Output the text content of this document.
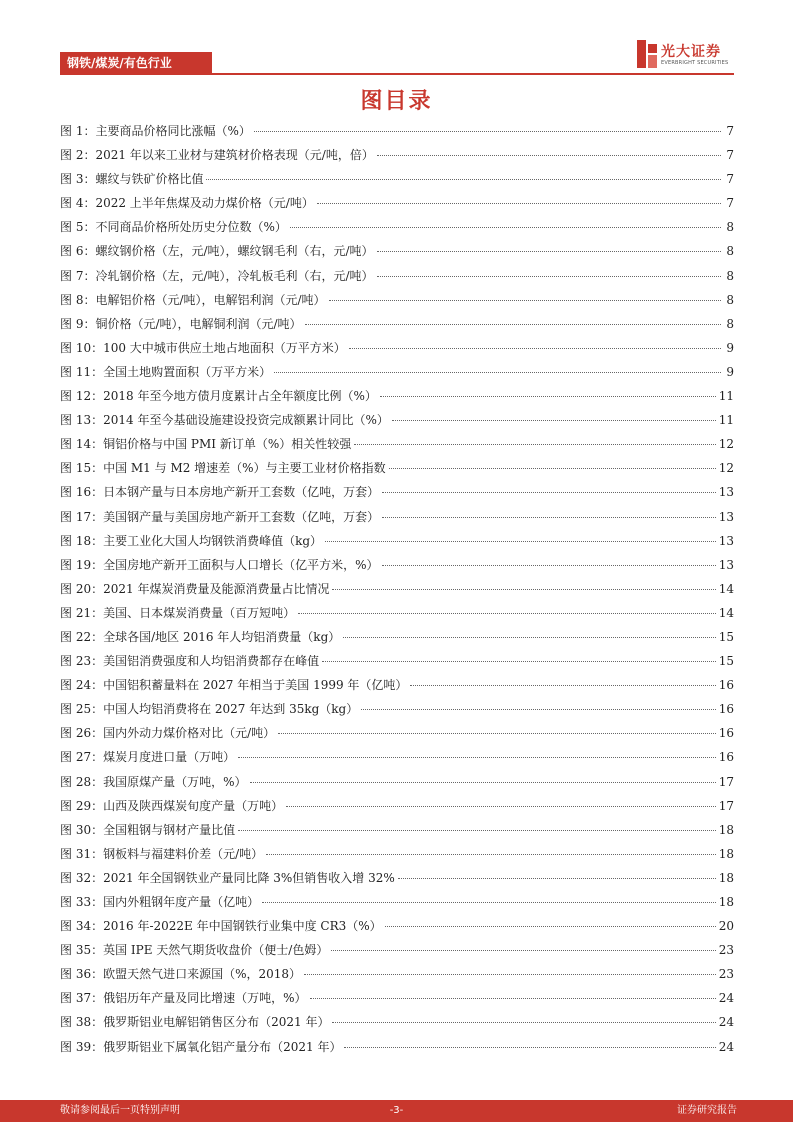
钢铁/煤炭/有色行业
光大证券
EVERBRIGHT SECURITIES
图目录
图 1：主要商品价格同比涨幅（%）	7
图 2：2021 年以来工业材与建筑材价格表现（元/吨，倍）	7
图 3：螺纹与铁矿价格比值	7
图 4：2022 上半年焦煤及动力煤价格（元/吨）	7
图 5：不同商品价格所处历史分位数（%）	8
图 6：螺纹钢价格（左，元/吨），螺纹钢毛利（右，元/吨）	8
图 7：冷轧钢价格（左，元/吨），冷轧板毛利（右，元/吨）	8
图 8：电解铝价格（元/吨），电解铝利润（元/吨）	8
图 9：铜价格（元/吨），电解铜利润（元/吨）	8
图 10：100 大中城市供应土地占地面积（万平方米）	9
图 11：全国土地购置面积（万平方米）	9
图 12：2018 年至今地方债月度累计占全年额度比例（%）	11
图 13：2014 年至今基础设施建设投资完成额累计同比（%）	11
图 14：铜铝价格与中国 PMI 新订单（%）相关性较强	12
图 15：中国 M1 与 M2 增速差（%）与主要工业材价格指数	12
图 16：日本钢产量与日本房地产新开工套数（亿吨，万套）	13
图 17：美国钢产量与美国房地产新开工套数（亿吨，万套）	13
图 18：主要工业化大国人均钢铁消费峰值（kg）	13
图 19：全国房地产新开工面积与人口增长（亿平方米，%）	13
图 20：2021 年煤炭消费量及能源消费量占比情况	14
图 21：美国、日本煤炭消费量（百万短吨）	14
图 22：全球各国/地区 2016 年人均铝消费量（kg）	15
图 23：美国铝消费强度和人均铝消费都存在峰值	15
图 24：中国铝积蓄量料在 2027 年相当于美国 1999 年（亿吨）	16
图 25：中国人均铝消费将在 2027 年达到 35kg（kg）	16
图 26：国内外动力煤价格对比（元/吨）	16
图 27：煤炭月度进口量（万吨）	16
图 28：我国原煤产量（万吨，%）	17
图 29：山西及陕西煤炭旬度产量（万吨）	17
图 30：全国粗钢与钢材产量比值	18
图 31：钢板料与福建料价差（元/吨）	18
图 32：2021 年全国钢铁业产量同比降 3%但销售收入增 32%	18
图 33：国内外粗钢年度产量（亿吨）	18
图 34：2016 年-2022E 年中国钢铁行业集中度 CR3（%）	20
图 35：英国 IPE 天然气期货收盘价（便士/色姆）	23
图 36：欧盟天然气进口来源国（%，2018）	23
图 37：俄铝历年产量及同比增速（万吨，%）	24
图 38：俄罗斯铝业电解铝销售区分布（2021 年）	24
图 39：俄罗斯铝业下属氧化铝产量分布（2021 年）	24
敬请参阅最后一页特别声明	-3-	证券研究报告
